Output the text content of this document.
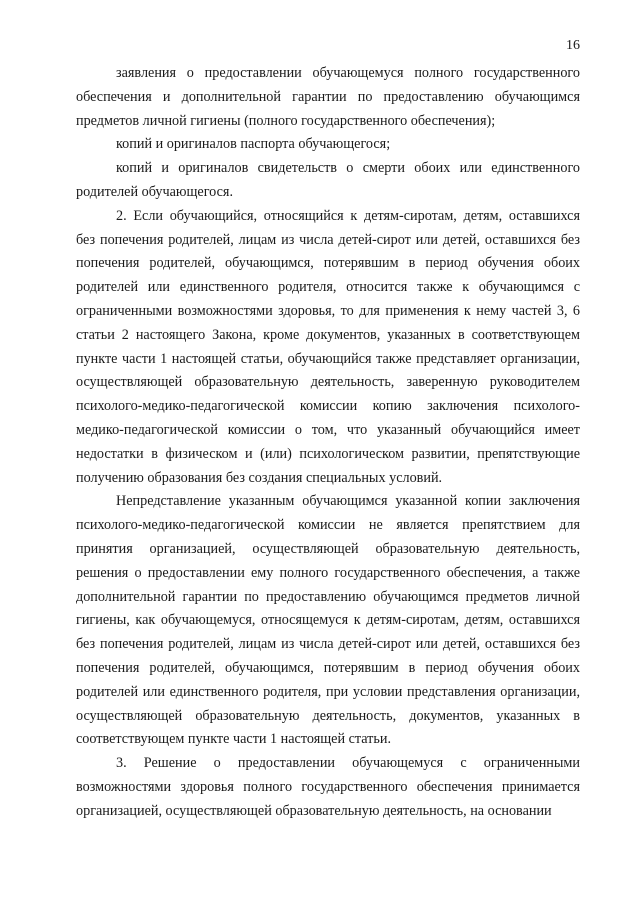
16

заявления о предоставлении обучающемуся полного государственного обеспечения и дополнительной гарантии по предоставлению обучающимся предметов личной гигиены (полного государственного обеспечения);

копий и оригиналов паспорта обучающегося;

копий и оригиналов свидетельств о смерти обоих или единственного родителей обучающегося.

2. Если обучающийся, относящийся к детям-сиротам, детям, оставшихся без попечения родителей, лицам из числа детей-сирот или детей, оставшихся без попечения родителей, обучающимся, потерявшим в период обучения обоих родителей или единственного родителя, относится также к обучающимся с ограниченными возможностями здоровья, то для применения к нему частей 3, 6 статьи 2 настоящего Закона, кроме документов, указанных в соответствующем пункте части 1 настоящей статьи, обучающийся также представляет организации, осуществляющей образовательную деятельность, заверенную руководителем психолого-медико-педагогической комиссии копию заключения психолого-медико-педагогической комиссии о том, что указанный обучающийся имеет недостатки в физическом и (или) психологическом развитии, препятствующие получению образования без создания специальных условий.

Непредставление указанным обучающимся указанной копии заключения психолого-медико-педагогической комиссии не является препятствием для принятия организацией, осуществляющей образовательную деятельность, решения о предоставлении ему полного государственного обеспечения, а также дополнительной гарантии по предоставлению обучающимся предметов личной гигиены, как обучающемуся, относящемуся к детям-сиротам, детям, оставшихся без попечения родителей, лицам из числа детей-сирот или детей, оставшихся без попечения родителей, обучающимся, потерявшим в период обучения обоих родителей или единственного родителя, при условии представления организации, осуществляющей образовательную деятельность, документов, указанных в соответствующем пункте части 1 настоящей статьи.

3. Решение о предоставлении обучающемуся с ограниченными возможностями здоровья полного государственного обеспечения принимается организацией, осуществляющей образовательную деятельность, на основании
